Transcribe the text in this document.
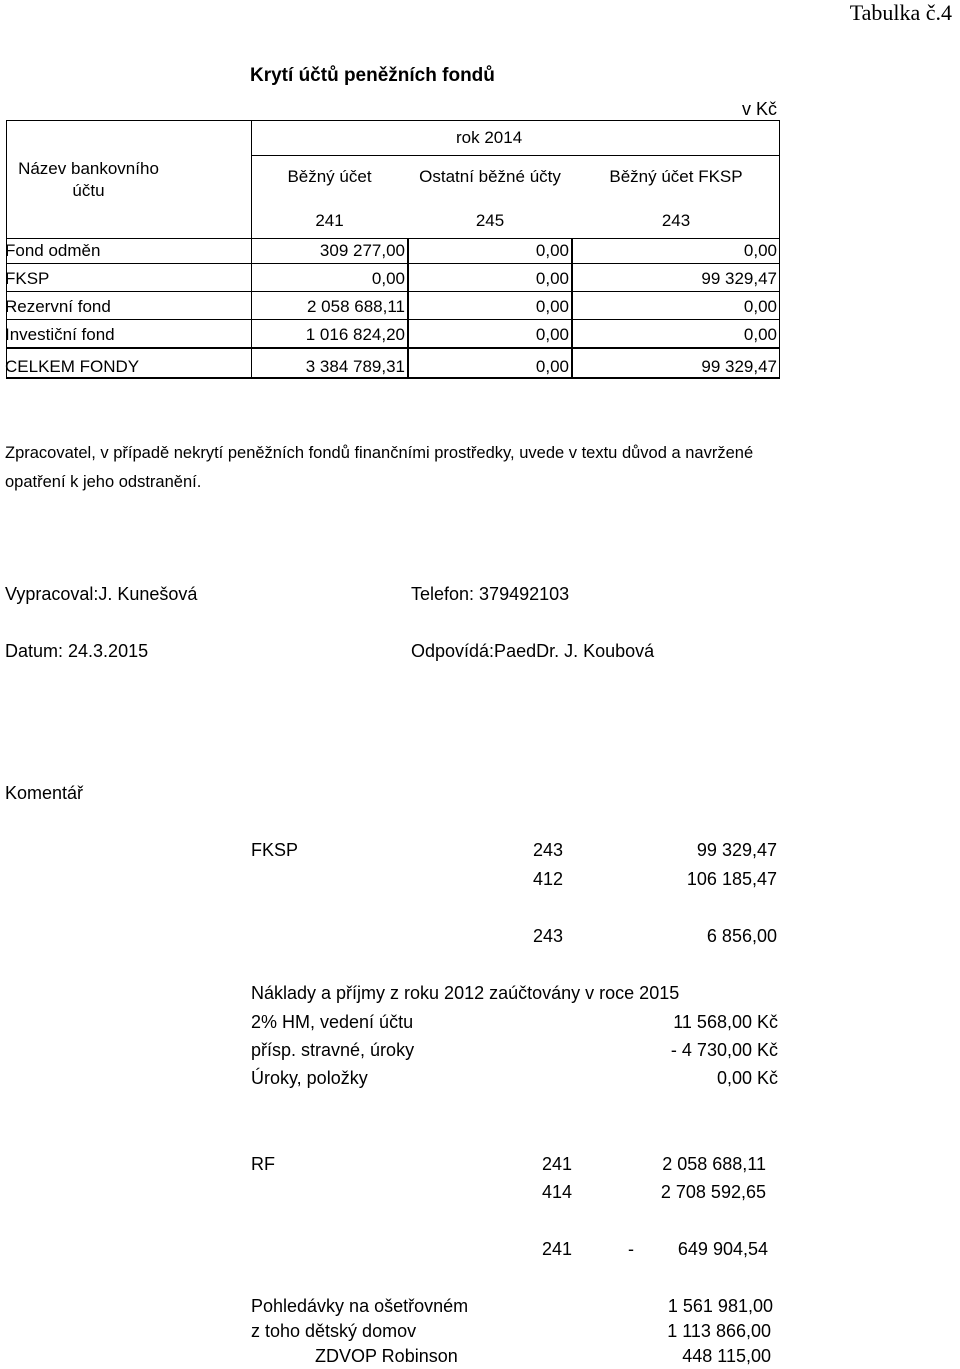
Tabulka č.4
Krytí účtů peněžních fondů
v Kč
Název bankovního účtu
rok 2014
Běžný účet	Ostatní běžné účty	Běžný účet FKSP
241	245	243
Fond odměn	309 277,00	0,00	0,00
FKSP	0,00	0,00	99 329,47
Rezervní fond	2 058 688,11	0,00	0,00
Investiční fond	1 016 824,20	0,00	0,00
CELKEM FONDY	3 384 789,31	0,00	99 329,47
Zpracovatel, v případě nekrytí peněžních fondů finančními prostředky, uvede v textu důvod a navržené
opatření k jeho odstranění.
Vypracoval:J. Kunešová	Telefon: 379492103
Datum: 24.3.2015	Odpovídá:PaedDr. J. Koubová
Komentář
FKSP	243	99 329,47
412	106 185,47
243	6 856,00
Náklady a příjmy z roku 2012 zaúčtovány v roce 2015
2% HM, vedení účtu	11 568,00 Kč
přísp. stravné, úroky	- 4 730,00 Kč
Úroky, položky	0,00 Kč
RF	241	2 058 688,11
414	2 708 592,65
241	-	649 904,54
Pohledávky na ošetřovném	1 561 981,00
z toho dětský domov	1 113 866,00
ZDVOP Robinson	448 115,00
